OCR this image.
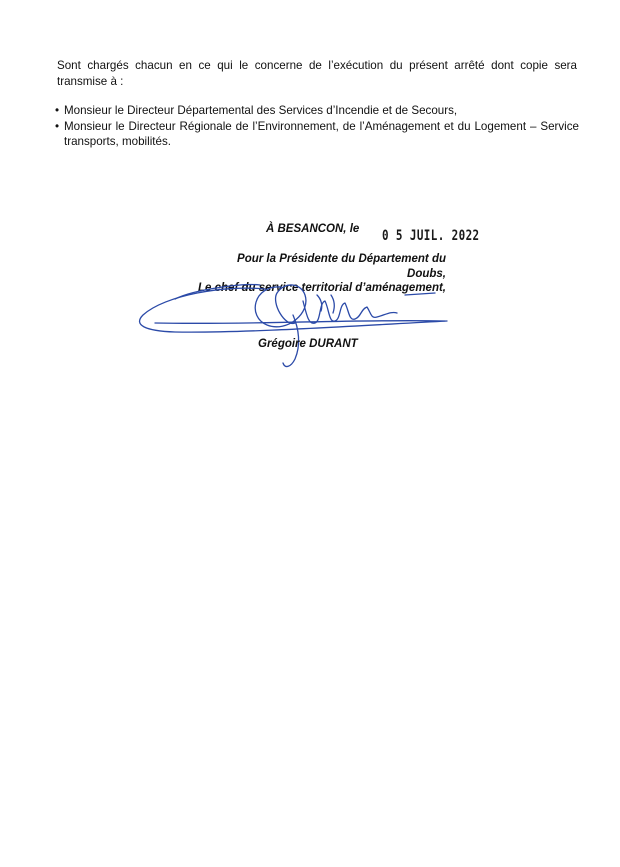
Sont chargés chacun en ce qui le concerne de l’exécution du présent arrêté dont copie sera transmise à :

• Monsieur le Directeur Départemental des Services d’Incendie et de Secours,
• Monsieur le Directeur Régionale de l’Environnement, de l’Aménagement et du Logement – Service transports, mobilités.
À BESANCON, le 0 5 JUIL. 2022
Pour la Présidente du Département du Doubs,
Le chef du service territorial d’aménagement,
Grégoire DURANT
